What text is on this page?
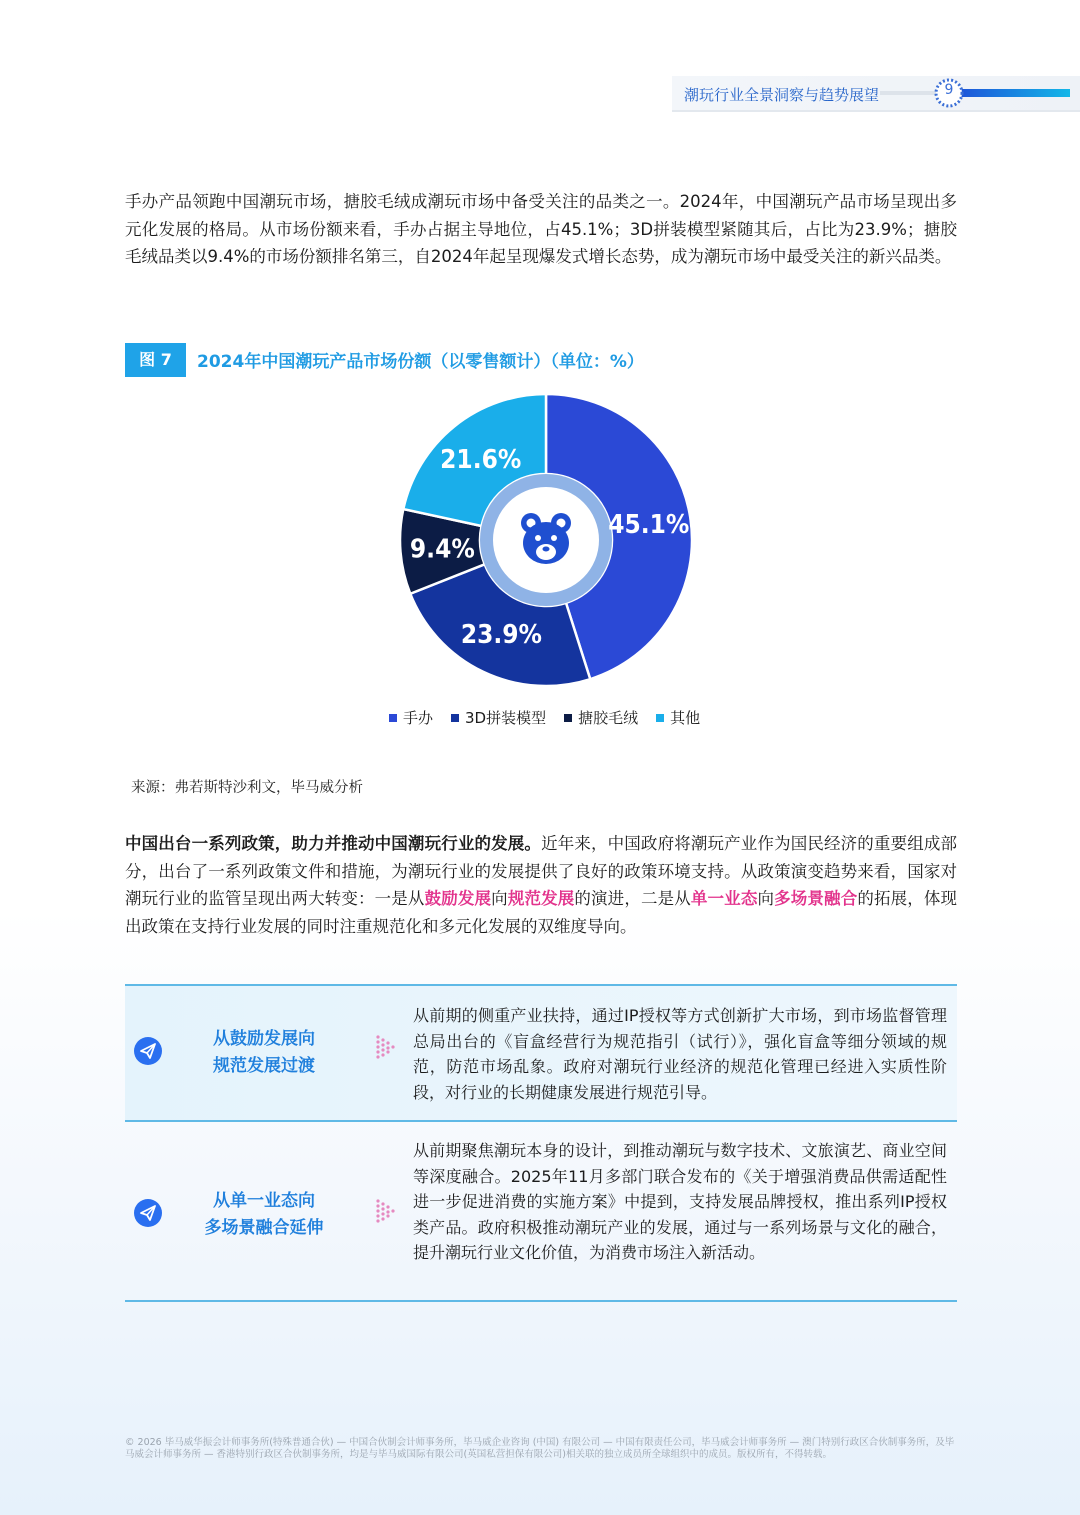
潮玩行业全景洞察与趋势展望	9

手办产品领跑中国潮玩市场，搪胶毛绒成潮玩市场中备受关注的品类之一。2024年，中国潮玩产品市场呈现出多元化发展的格局。从市场份额来看，手办占据主导地位，占45.1%；3D拼装模型紧随其后，占比为23.9%；搪胶毛绒品类以9.4%的市场份额排名第三，自2024年起呈现爆发式增长态势，成为潮玩市场中最受关注的新兴品类。

图 7	2024年中国潮玩产品市场份额（以零售额计）（单位：%）
45.1%
23.9%
9.4%
21.6%
手办 3D拼装模型 搪胶毛绒 其他
来源：弗若斯特沙利文，毕马威分析

中国出台一系列政策，助力并推动中国潮玩行业的发展。近年来，中国政府将潮玩产业作为国民经济的重要组成部分，出台了一系列政策文件和措施，为潮玩行业的发展提供了良好的政策环境支持。从政策演变趋势来看，国家对潮玩行业的监管呈现出两大转变：一是从鼓励发展向规范发展的演进，二是从单一业态向多场景融合的拓展，体现出政策在支持行业发展的同时注重规范化和多元化发展的双维度导向。

从鼓励发展向
规范发展过渡
从前期的侧重产业扶持，通过IP授权等方式创新扩大市场，到市场监督管理总局出台的《盲盒经营行为规范指引（试行）》，强化盲盒等细分领域的规范，防范市场乱象。政府对潮玩行业经济的规范化管理已经进入实质性阶段，对行业的长期健康发展进行规范引导。
从单一业态向
多场景融合延伸
从前期聚焦潮玩本身的设计，到推动潮玩与数字技术、文旅演艺、商业空间等深度融合。2025年11月多部门联合发布的《关于增强消费品供需适配性进一步促进消费的实施方案》中提到，支持发展品牌授权，推出系列IP授权类产品。政府积极推动潮玩产业的发展，通过与一系列场景与文化的融合，提升潮玩行业文化价值，为消费市场注入新活动。
© 2026 毕马威华振会计师事务所(特殊普通合伙) — 中国合伙制会计师事务所，毕马威企业咨询 (中国) 有限公司 — 中国有限责任公司，毕马威会计师事务所 — 澳门特别行政区合伙制事务所，及毕马威会计师事务所 — 香港特别行政区合伙制事务所，均是与毕马威国际有限公司(英国私营担保有限公司)相关联的独立成员所全球组织中的成员。版权所有，不得转载。
